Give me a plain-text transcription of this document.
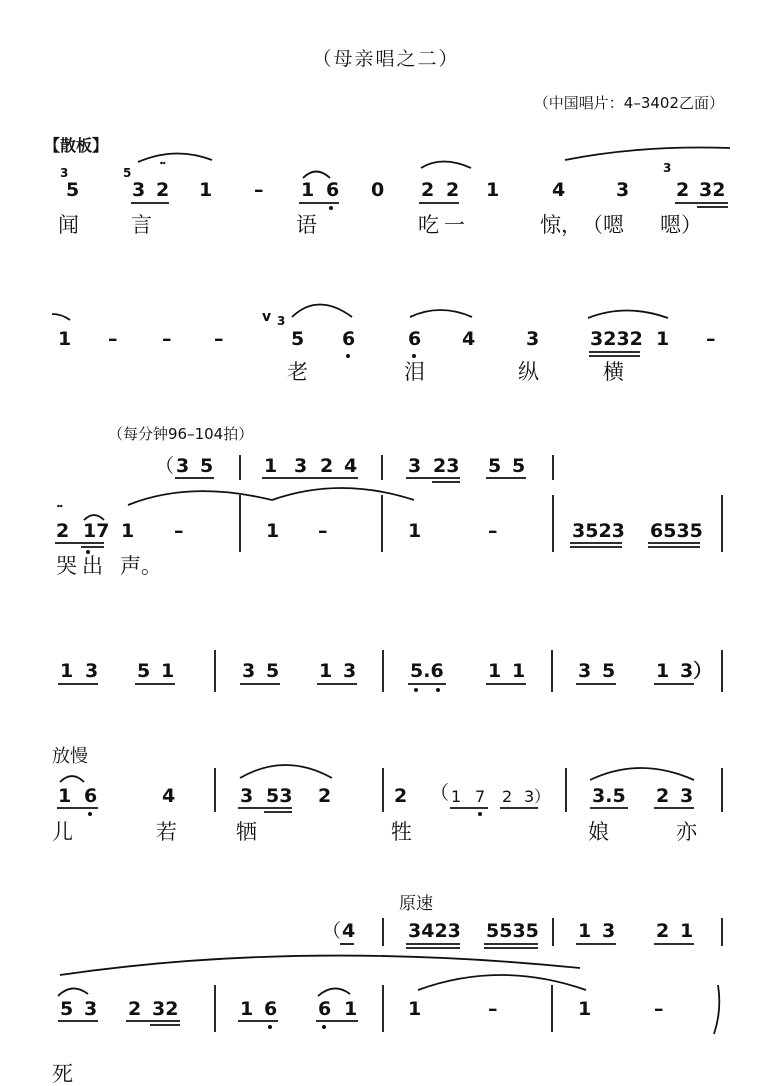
（母亲唱之二）
（中国唱片：4–3402乙面）
【散板】
3	5	3
𝆗
5	3 2 1 – 1 6 0 2 2 1	4	3 2 32
闻 言	语	吃 一	惊， （嗯 嗯）
1 – – –
v 3
5 6	6 4	3	3232 1 –
老	泪	纵	横
（每分钟96–104拍）
（ 3 5	1 3 2 4	3 23 5 5
𝆗
2 17 1 –	1 –	1	–	3523 6535
哭 出 声。
1 3 5 1	3 5 1 3	5.6 1 1	3 5 1 3）
放慢
1 6	4	3 53 2	2 （ 1 7 2 3） 3.5 2 3
儿	若	牺	牲	娘	亦
原速
（ 4	3423 5535 1 3 2 1
5 3 2 32	1 6 6 1	1	–	1	–
死
